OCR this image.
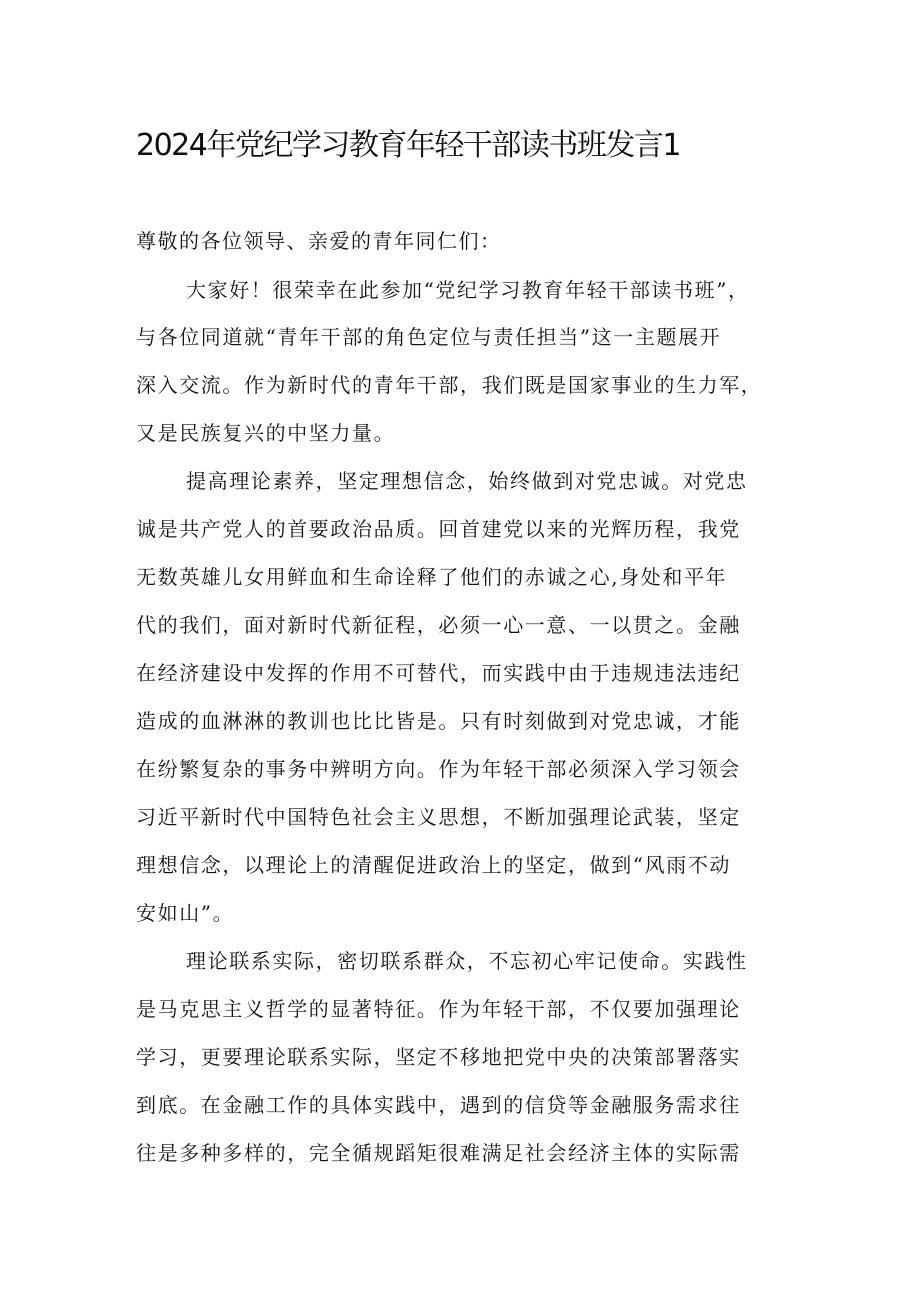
2024年党纪学习教育年轻干部读书班发言1
尊敬的各位领导、亲爱的青年同仁们：
大家好！很荣幸在此参加“党纪学习教育年轻干部读书班”，
与各位同道就“青年干部的角色定位与责任担当”这一主题展开
深入交流。作为新时代的青年干部，我们既是国家事业的生力军，
又是民族复兴的中坚力量。
提高理论素养，坚定理想信念，始终做到对党忠诚。对党忠
诚是共产党人的首要政治品质。回首建党以来的光辉历程，我党
无数英雄儿女用鲜血和生命诠释了他们的赤诚之心,身处和平年
代的我们，面对新时代新征程，必须一心一意、一以贯之。金融
在经济建设中发挥的作用不可替代，而实践中由于违规违法违纪
造成的血淋淋的教训也比比皆是。只有时刻做到对党忠诚，才能
在纷繁复杂的事务中辨明方向。作为年轻干部必须深入学习领会
习近平新时代中国特色社会主义思想，不断加强理论武装，坚定
理想信念，以理论上的清醒促进政治上的坚定，做到“风雨不动
安如山”。
理论联系实际，密切联系群众，不忘初心牢记使命。实践性
是马克思主义哲学的显著特征。作为年轻干部，不仅要加强理论
学习，更要理论联系实际，坚定不移地把党中央的决策部署落实
到底。在金融工作的具体实践中，遇到的信贷等金融服务需求往
往是多种多样的，完全循规蹈矩很难满足社会经济主体的实际需
